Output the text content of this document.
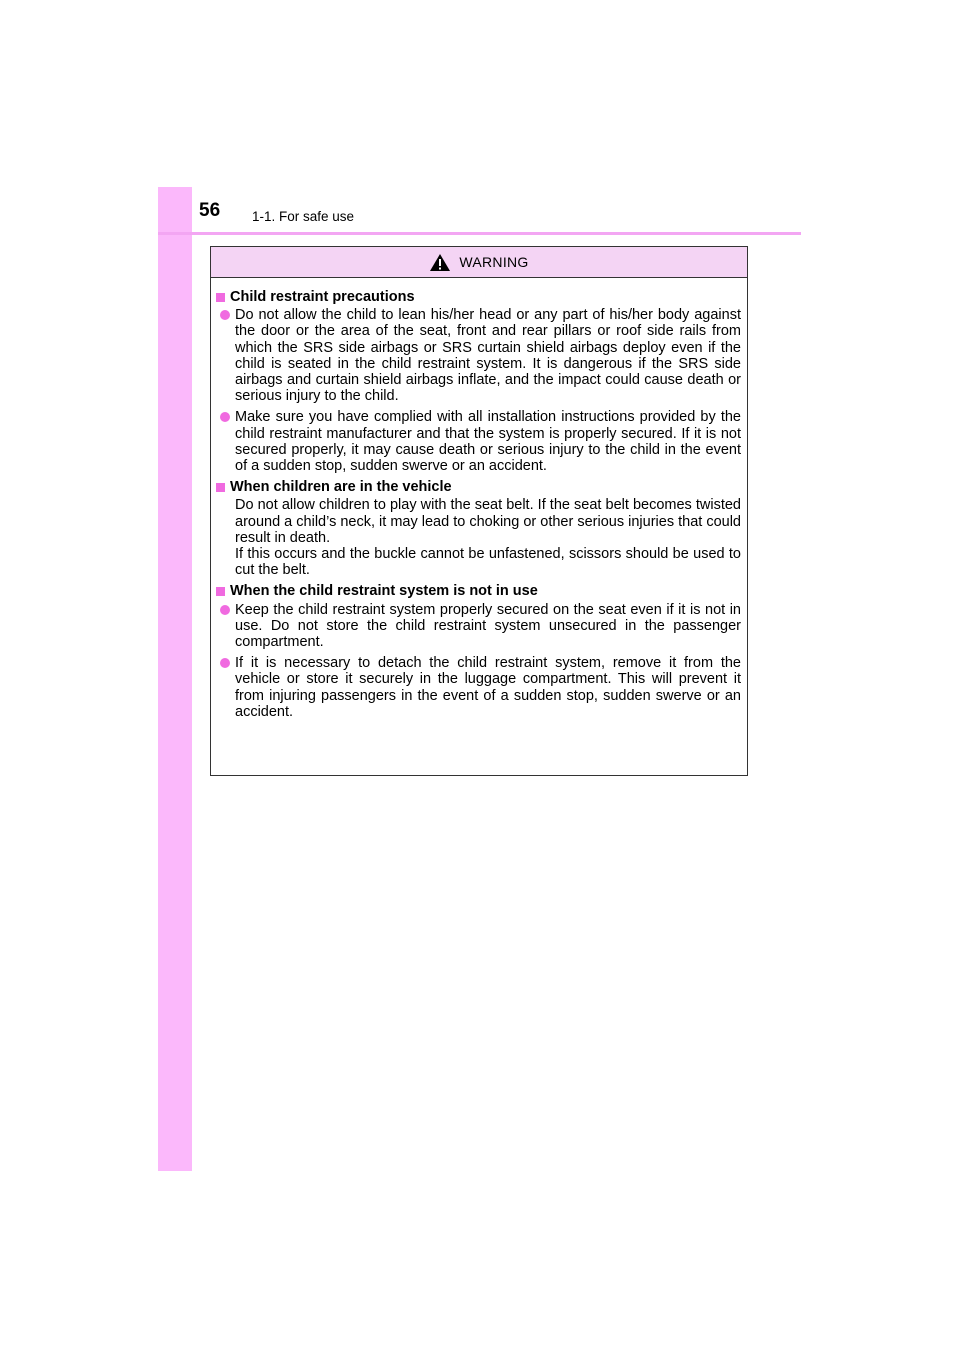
56 1-1. For safe use
WARNING
Child restraint precautions
Do not allow the child to lean his/her head or any part of his/her body against the door or the area of the seat, front and rear pillars or roof side rails from which the SRS side airbags or SRS curtain shield airbags deploy even if the child is seated in the child restraint system. It is dangerous if the SRS side airbags and curtain shield airbags inflate, and the impact could cause death or serious injury to the child.
Make sure you have complied with all installation instructions provided by the child restraint manufacturer and that the system is properly secured. If it is not secured properly, it may cause death or serious injury to the child in the event of a sudden stop, sudden swerve or an accident.
When children are in the vehicle

Do not allow children to play with the seat belt. If the seat belt becomes twisted around a child’s neck, it may lead to choking or other serious injuries that could result in death.

If this occurs and the buckle cannot be unfastened, scissors should be used to cut the belt.

When the child restraint system is not in use
Keep the child restraint system properly secured on the seat even if it is not in use. Do not store the child restraint system unsecured in the passenger compartment.
If it is necessary to detach the child restraint system, remove it from the vehicle or store it securely in the luggage compartment. This will prevent it from injuring passengers in the event of a sudden stop, sudden swerve or an accident.
